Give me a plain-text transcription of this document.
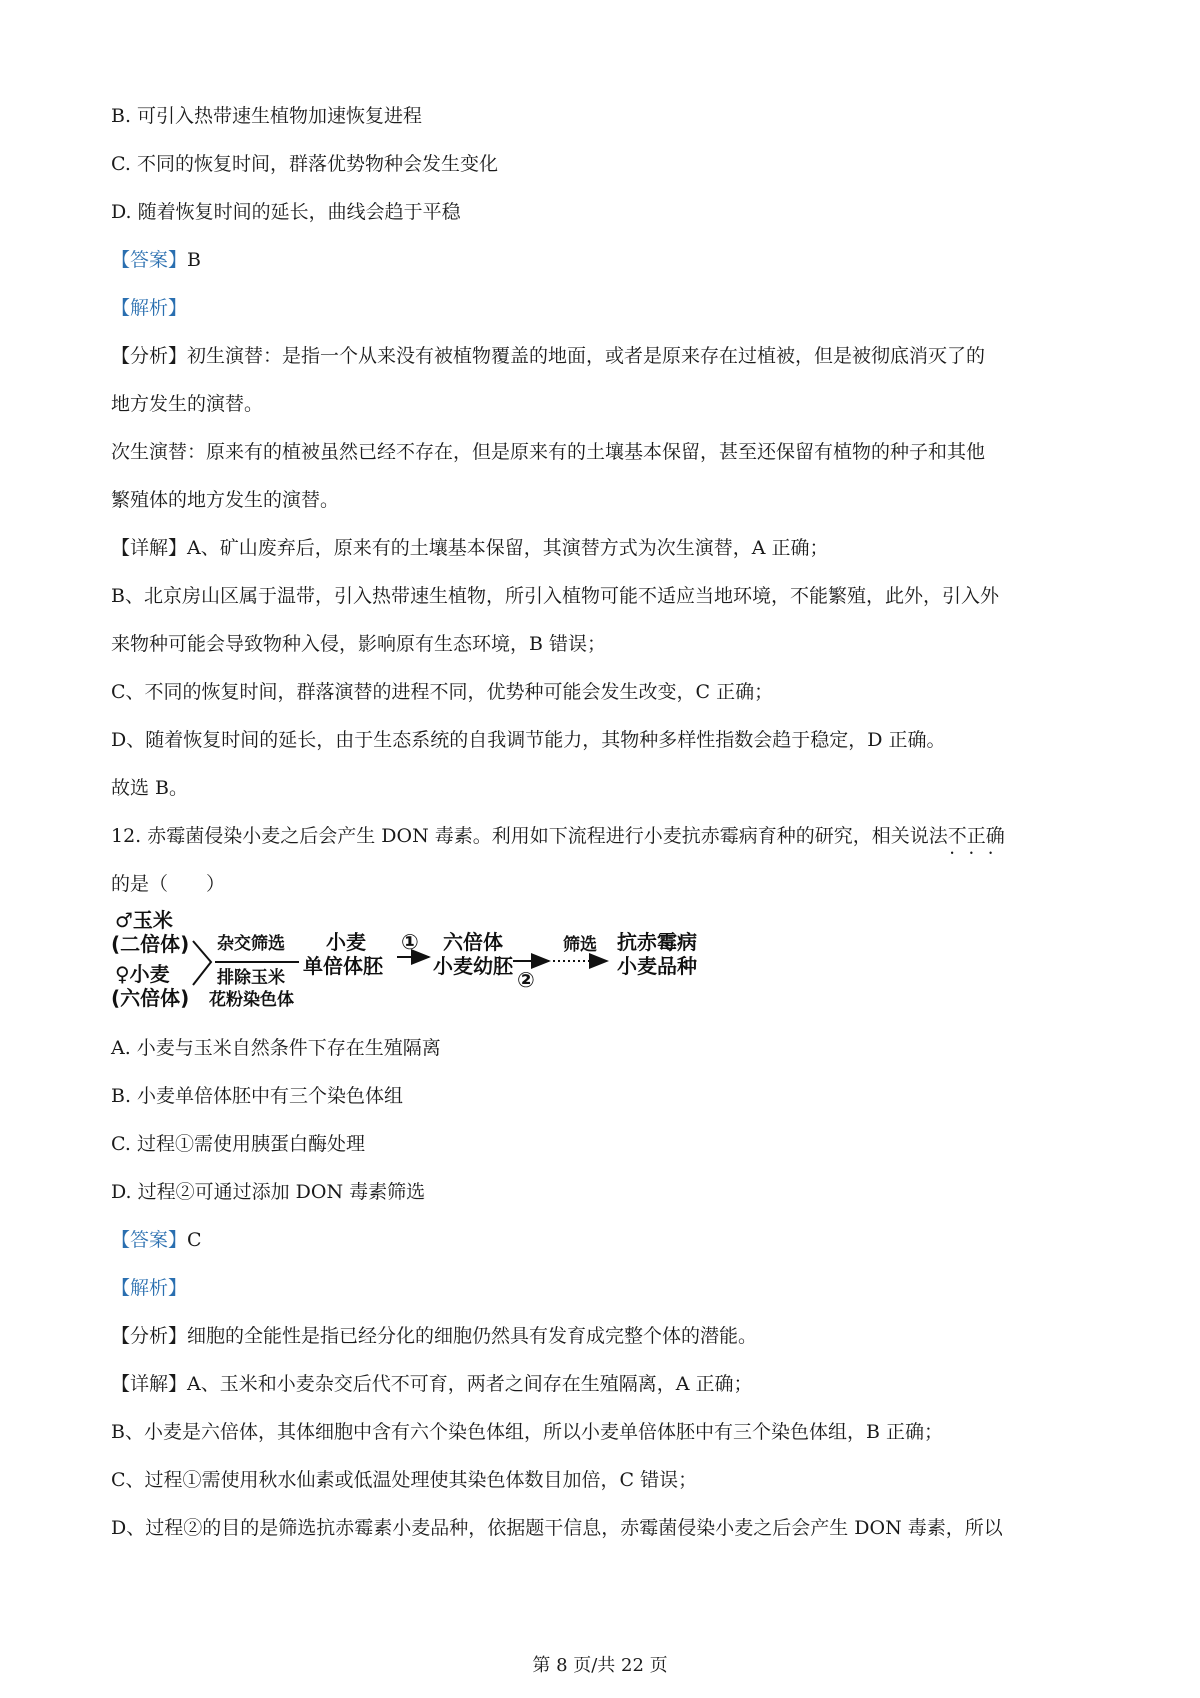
B. 可引入热带速生植物加速恢复进程
C. 不同的恢复时间，群落优势物种会发生变化
D. 随着恢复时间的延长，曲线会趋于平稳
【答案】B
【解析】
【分析】初生演替：是指一个从来没有被植物覆盖的地面，或者是原来存在过植被，但是被彻底消灭了的
地方发生的演替。
次生演替：原来有的植被虽然已经不存在，但是原来有的土壤基本保留，甚至还保留有植物的种子和其他
繁殖体的地方发生的演替。
【详解】A、矿山废弃后，原来有的土壤基本保留，其演替方式为次生演替，A 正确；
B、北京房山区属于温带，引入热带速生植物，所引入植物可能不适应当地环境，不能繁殖，此外，引入外
来物种可能会导致物种入侵，影响原有生态环境，B 错误；
C、不同的恢复时间，群落演替的进程不同，优势种可能会发生改变，C 正确；
D、随着恢复时间的延长，由于生态系统的自我调节能力，其物种多样性指数会趋于稳定，D 正确。
故选 B。
12. 赤霉菌侵染小麦之后会产生 DON 毒素。利用如下流程进行小麦抗赤霉病育种的研究，相关说法不正确 • • •
的是（　　）
♂玉米
(二倍体)
♀小麦
(六倍体)
杂交筛选
排除玉米
花粉染色体
小麦
单倍体胚
① 六倍体
小麦幼胚
②
筛选 抗赤霉病
小麦品种
A. 小麦与玉米自然条件下存在生殖隔离
B. 小麦单倍体胚中有三个染色体组
C. 过程①需使用胰蛋白酶处理
D. 过程②可通过添加 DON 毒素筛选
【答案】C
【解析】
【分析】细胞的全能性是指已经分化的细胞仍然具有发育成完整个体的潜能。
【详解】A、玉米和小麦杂交后代不可育，两者之间存在生殖隔离，A 正确；
B、小麦是六倍体，其体细胞中含有六个染色体组，所以小麦单倍体胚中有三个染色体组，B 正确；
C、过程①需使用秋水仙素或低温处理使其染色体数目加倍，C 错误；
D、过程②的目的是筛选抗赤霉素小麦品种，依据题干信息，赤霉菌侵染小麦之后会产生 DON 毒素，所以
第 8 页/共 22 页
